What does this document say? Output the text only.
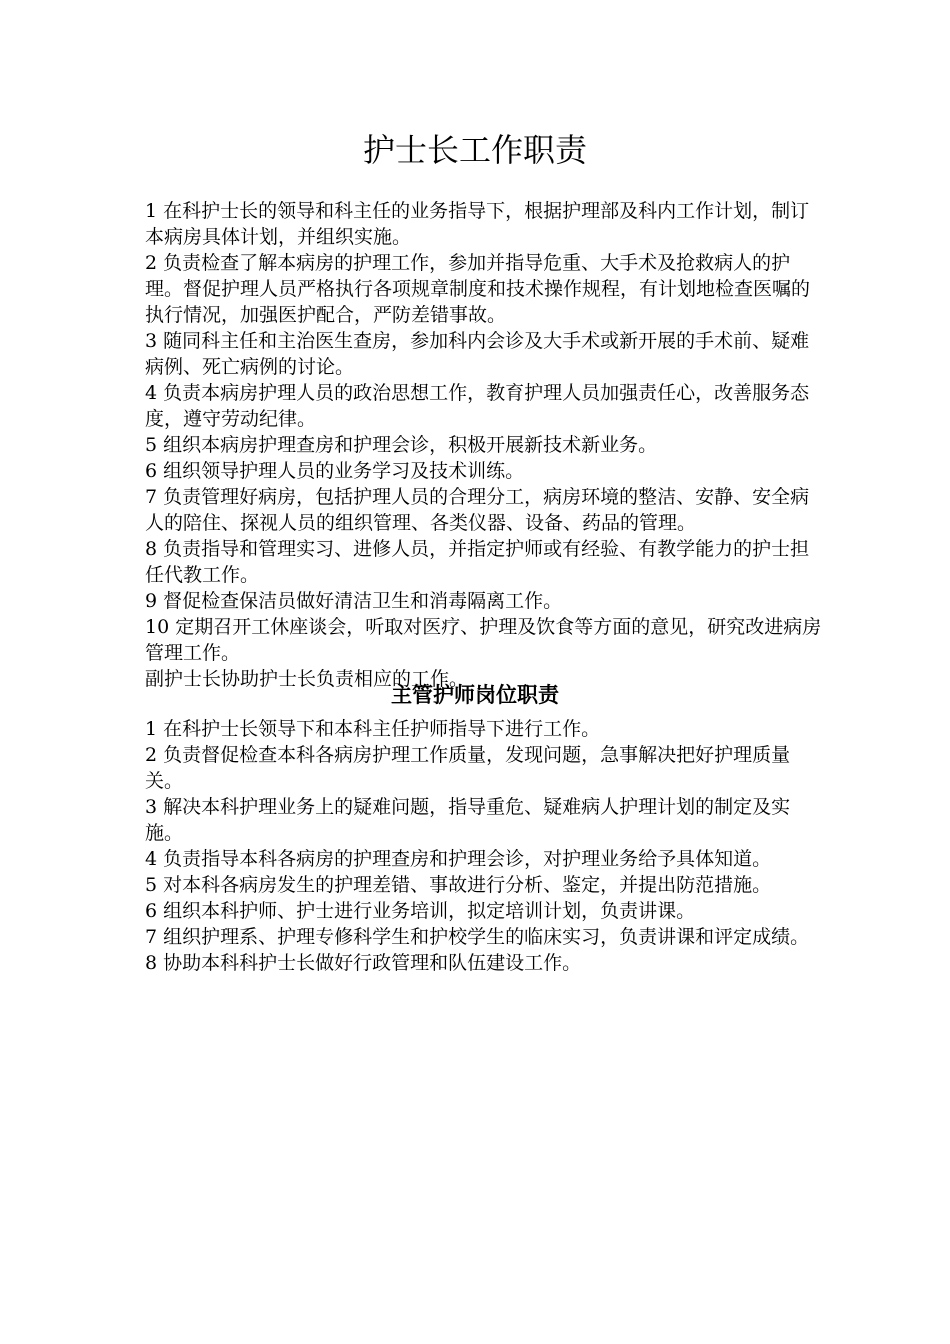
护士长工作职责

1 在科护士长的领导和科主任的业务指导下，根据护理部及科内工作计划，制订本病房具体计划，并组织实施。

2 负责检查了解本病房的护理工作，参加并指导危重、大手术及抢救病人的护理。督促护理人员严格执行各项规章制度和技术操作规程，有计划地检查医嘱的执行情况，加强医护配合，严防差错事故。

3 随同科主任和主治医生查房，参加科内会诊及大手术或新开展的手术前、疑难病例、死亡病例的讨论。

4 负责本病房护理人员的政治思想工作，教育护理人员加强责任心，改善服务态度，遵守劳动纪律。

5 组织本病房护理查房和护理会诊，积极开展新技术新业务。

6 组织领导护理人员的业务学习及技术训练。

7 负责管理好病房，包括护理人员的合理分工，病房环境的整洁、安静、安全病人的陪住、探视人员的组织管理、各类仪器、设备、药品的管理。

8 负责指导和管理实习、进修人员，并指定护师或有经验、有教学能力的护士担任代教工作。

9 督促检查保洁员做好清洁卫生和消毒隔离工作。

10 定期召开工休座谈会，听取对医疗、护理及饮食等方面的意见，研究改进病房管理工作。

副护士长协助护士长负责相应的工作。

主管护师岗位职责

1 在科护士长领导下和本科主任护师指导下进行工作。

2 负责督促检查本科各病房护理工作质量，发现问题，急事解决把好护理质量关。

3 解决本科护理业务上的疑难问题，指导重危、疑难病人护理计划的制定及实施。

4 负责指导本科各病房的护理查房和护理会诊，对护理业务给予具体知道。

5 对本科各病房发生的护理差错、事故进行分析、鉴定，并提出防范措施。

6 组织本科护师、护士进行业务培训，拟定培训计划，负责讲课。

7 组织护理系、护理专修科学生和护校学生的临床实习，负责讲课和评定成绩。

8 协助本科科护士长做好行政管理和队伍建设工作。
